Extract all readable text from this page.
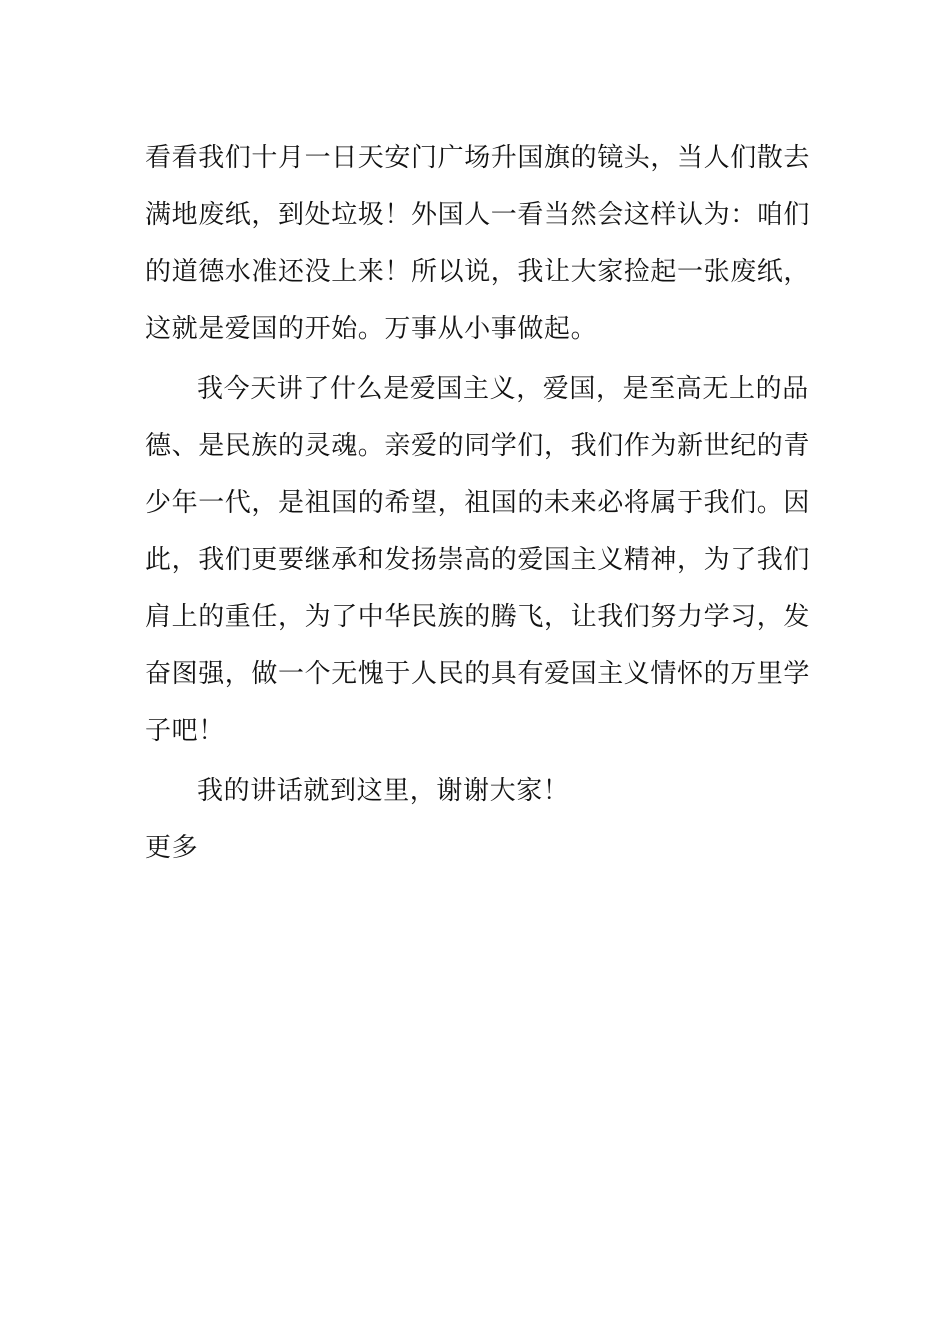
看看我们十月一日天安门广场升国旗的镜头，当人们散去
满地废纸，到处垃圾！外国人一看当然会这样认为：咱们
的道德水准还没上来！所以说，我让大家捡起一张废纸，
这就是爱国的开始。万事从小事做起。
我今天讲了什么是爱国主义，爱国，是至高无上的品
德、是民族的灵魂。亲爱的同学们，我们作为新世纪的青
少年一代，是祖国的希望，祖国的未来必将属于我们。因
此，我们更要继承和发扬崇高的爱国主义精神，为了我们
肩上的重任，为了中华民族的腾飞，让我们努力学习，发
奋图强，做一个无愧于人民的具有爱国主义情怀的万里学
子吧！
我的讲话就到这里，谢谢大家！
更多
